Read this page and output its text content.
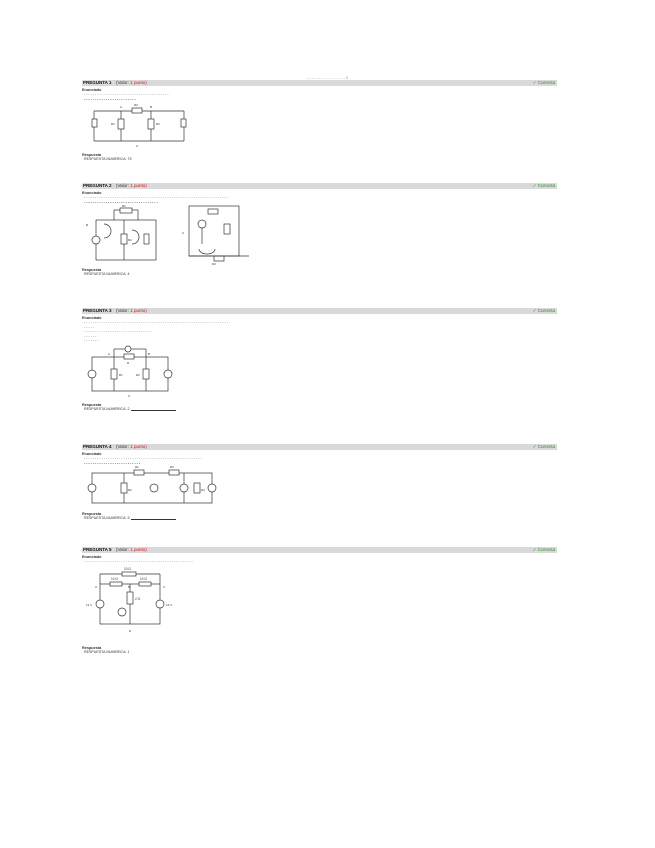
- - - - - - - - - - - - - - - - 1
PREGUNTA 1 (Valor: 1 punto)	✓ Correcta
Enunciado
- - - - - - - - - - - - - - - - - - - - - - - - - - - - - - - - - - - - - - -
- - - - - - - - - - - - - - - - - - - - - - - -
A	B
C
R1	R2
R3
Respuesta
RESPUESTA NUMERICA:
75
PREGUNTA 2 (Valor: 1 punto)	✓ Correcta
Enunciado
- - - - - - - - - - - - - - - - - - - - - - - - - - - - - - - - - - - - - - - - - - - - - - - - - - - - - - - - - - - - - - - - - -
- - - - - - - - - - - - - - - - - - - - - - - - - - - - - - - - - -
R1
R2
R3
B
C
Respuesta
RESPUESTA NUMERICA:
4
PREGUNTA 3 (Valor: 1 punto)	✓ Correcta
Enunciado
- - - - - - - - - - - - - - - - - - - - - - - - - - - - - - - - - - - - - - - - - - - - - - - - - - - - - - - - - - - - - - - - - - -
- - - - -
- - - - - - - - - - - - - - - - - - - - - - - - - - - - - - -
- - - - - -
- - - - - - -
A	B
C
R
R1	R2
Respuesta
RESPUESTA NUMERICA:
2
PREGUNTA 4 (Valor: 1 punto)	✓ Correcta
Enunciado
- - - - - - - - - - - - - - - - - - - - - - - - - - - - - - - - - - - - - - - - - - - - - - - - - - - - - -
- - - - - - - - - - - - - - - - - - - - - - - - - -
R1
R2
R3
R4
Respuesta
RESPUESTA NUMERICA:
5
PREGUNTA 5 (Valor: 1 punto)	✓ Correcta
Enunciado
- - - - - - - - - - - - - - - - - - - - - - - - - - - - - - - - - - - - - - - - - - - - - - - - - -
10 Ω
10 Ω	10 Ω
2 Ω
A	B	C
D
12 V	15 V
Respuesta
RESPUESTA NUMERICA:
1
